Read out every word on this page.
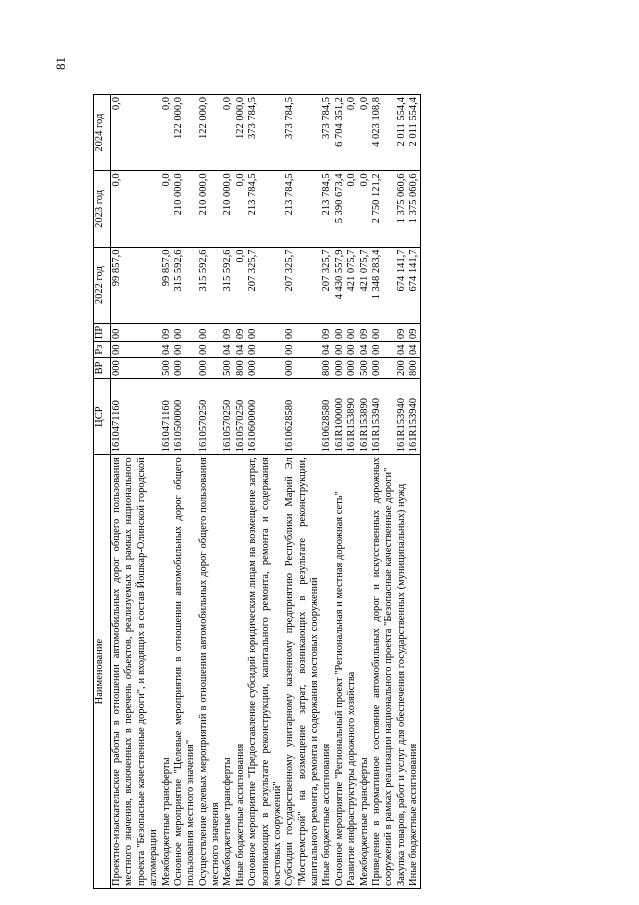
81
Наименование	ЦСР	ВР	Рз	ПР	2022 год	2023 год	2024 год
Проектно-изыскательские работы в отношении автомобильных дорог общего пользования местного значения, включенных в перечень объектов, реализуемых в рамках национального проекта "Безопасные качественные дороги", и входящих в состав Йошкар-Олинской городской агломерации	1610471160	000	00	00	99 857,0	0,0	0,0
Межбюджетные трансферты	1610471160	500	04	09	99 857,0	0,0	0,0
Основное мероприятие "Целевые мероприятия в отношении автомобильных дорог общего пользования местного значения"	1610500000	000	00	00	315 592,6	210 000,0	122 000,0
Осуществление целевых мероприятий в отношении автомобильных дорог общего пользования местного значения	1610570250	000	00	00	315 592,6	210 000,0	122 000,0
Межбюджетные трансферты	1610570250	500	04	09	315 592,6	210 000,0	0,0
Иные бюджетные ассигнования	1610570250	800	04	09	0,0	0,0	122 000,0
Основное мероприятие "Предоставление субсидий юридическим лицам на возмещение затрат, возникающих в результате реконструкции, капитального ремонта, ремонта и содержания мостовых сооружений"	1610600000	000	00	00	207 325,7	213 784,5	373 784,5
Субсидии государственному унитарному казенному предприятию Республики Марий Эл "Мостремстрой" на возмещение затрат, возникающих в результате реконструкции, капитального ремонта, ремонта и содержания мостовых сооружений	1610628580	000	00	00	207 325,7	213 784,5	373 784,5
Иные бюджетные ассигнования	1610628580	800	04	09	207 325,7	213 784,5	373 784,5
Основное мероприятие "Региональный проект "Региональная и местная дорожная сеть"	161R100000	000	00	00	4 430 557,9	5 390 673,4	6 704 351,2
Развитие инфраструктуры дорожного хозяйства	161R153890	000	00	00	421 075,7	0,0	0,0
Межбюджетные трансферты	161R153890	500	04	09	421 075,7	0,0	0,0
Приведение в нормативное состояние автомобильных дорог и искусственных дорожных сооружений в рамках реализации национального проекта "Безопасные качественные дороги"	161R153940	000	00	00	1 348 283,4	2 750 121,2	4 023 108,8
Закупка товаров, работ и услуг для обеспечения государственных (муниципальных) нужд	161R153940	200	04	09	674 141,7	1 375 060,6	2 011 554,4
Иные бюджетные ассигнования	161R153940	800	04	09	674 141,7	1 375 060,6	2 011 554,4
